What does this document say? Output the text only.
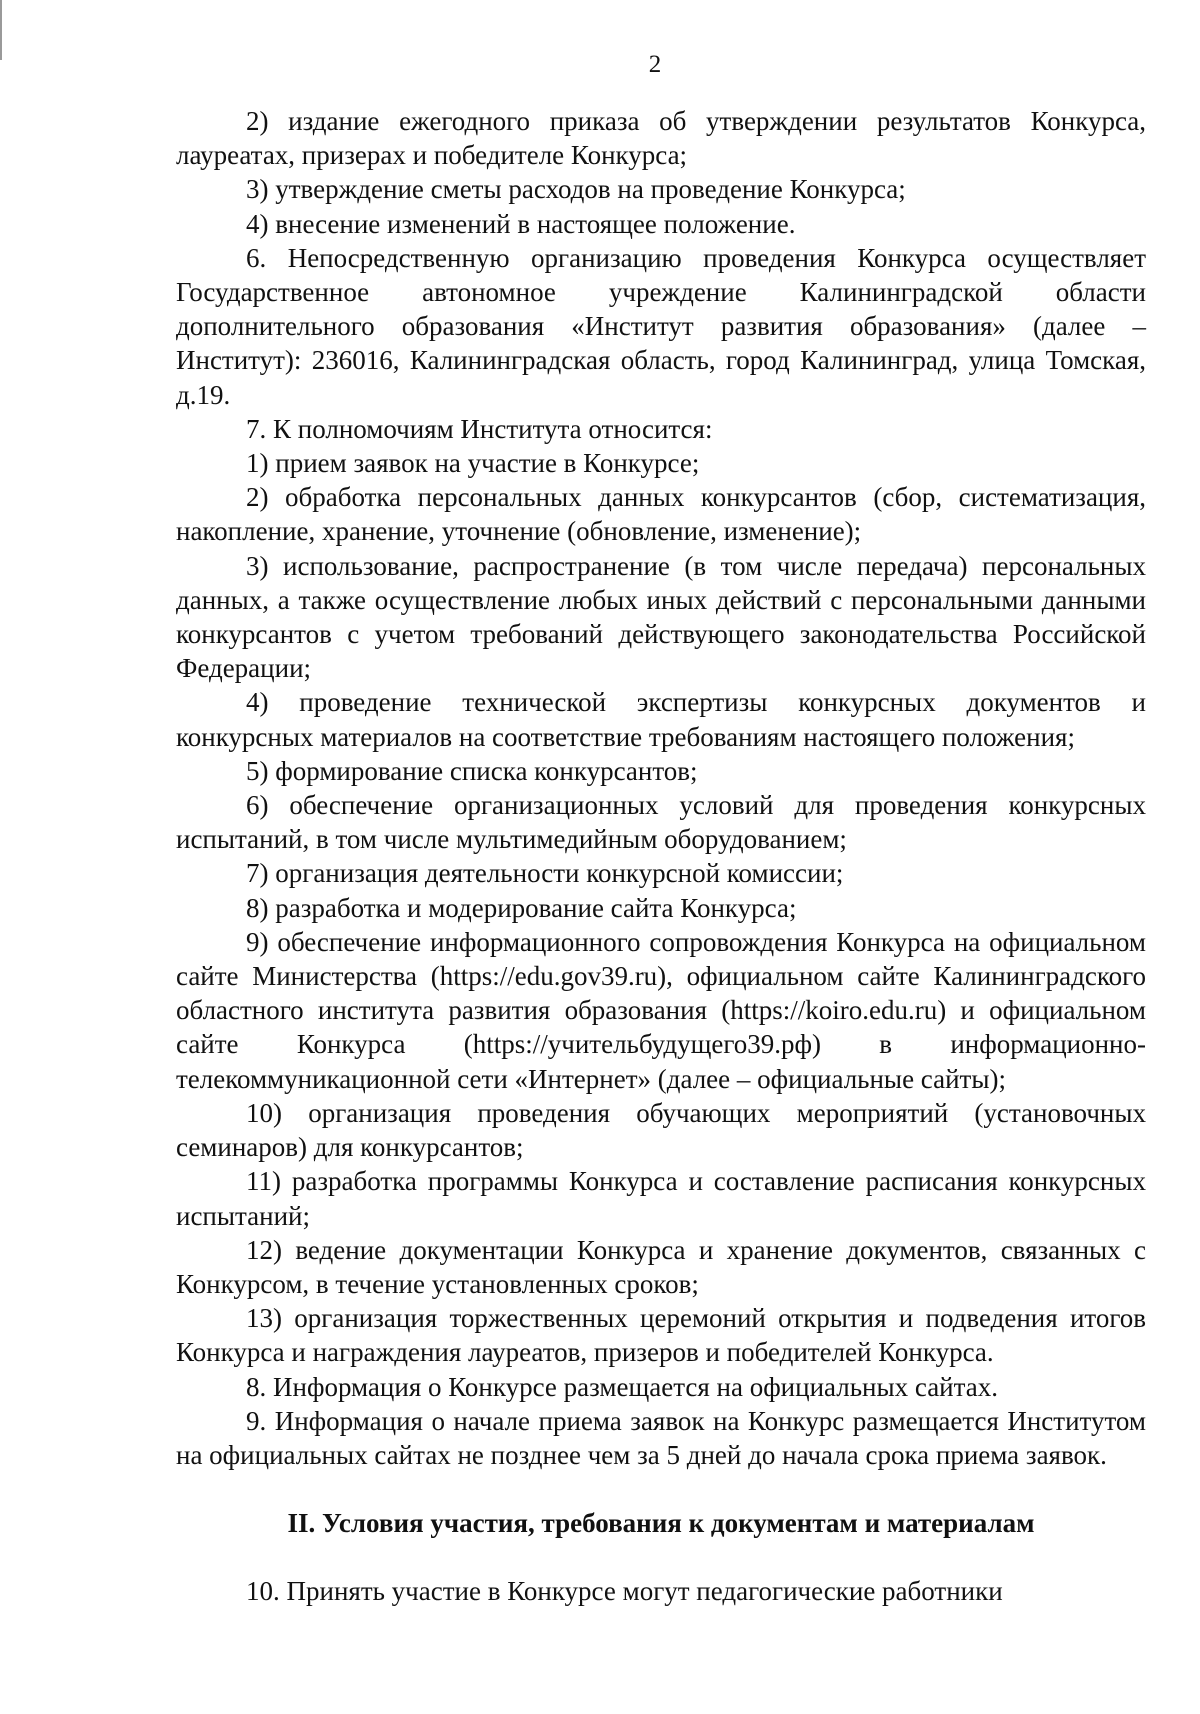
2

2) издание ежегодного приказа об утверждении результатов Конкурса, лауреатах, призерах и победителе Конкурса;

3) утверждение сметы расходов на проведение Конкурса;

4) внесение изменений в настоящее положение.

6. Непосредственную организацию проведения Конкурса осуществляет Государственное автономное учреждение Калининградской области дополнительного образования «Институт развития образования» (далее – Институт): 236016, Калининградская область, город Калининград, улица Томская, д.19.

7. К полномочиям Института относится:

1) прием заявок на участие в Конкурсе;

2) обработка персональных данных конкурсантов (сбор, систематизация, накопление, хранение, уточнение (обновление, изменение);

3) использование, распространение (в том числе передача) персональных данных, а также осуществление любых иных действий с персональными данными конкурсантов с учетом требований действующего законодательства Российской Федерации;

4) проведение технической экспертизы конкурсных документов и конкурсных материалов на соответствие требованиям настоящего положения;

5) формирование списка конкурсантов;

6) обеспечение организационных условий для проведения конкурсных испытаний, в том числе мультимедийным оборудованием;

7) организация деятельности конкурсной комиссии;

8) разработка и модерирование сайта Конкурса;

9) обеспечение информационного сопровождения Конкурса на официальном сайте Министерства (https://edu.gov39.ru), официальном сайте Калининградского областного института развития образования (https://koiro.edu.ru) и официальном сайте Конкурса (https://учительбудущего39.рф) в информационно-телекоммуникационной сети «Интернет» (далее – официальные сайты);

10) организация проведения обучающих мероприятий (установочных семинаров) для конкурсантов;

11) разработка программы Конкурса и составление расписания конкурсных испытаний;

12) ведение документации Конкурса и хранение документов, связанных с Конкурсом, в течение установленных сроков;

13) организация торжественных церемоний открытия и подведения итогов Конкурса и награждения лауреатов, призеров и победителей Конкурса.

8. Информация о Конкурсе размещается на официальных сайтах.

9. Информация о начале приема заявок на Конкурс размещается Институтом на официальных сайтах не позднее чем за 5 дней до начала срока приема заявок.

II. Условия участия, требования к документам и материалам

10. Принять участие в Конкурсе могут педагогические работники
